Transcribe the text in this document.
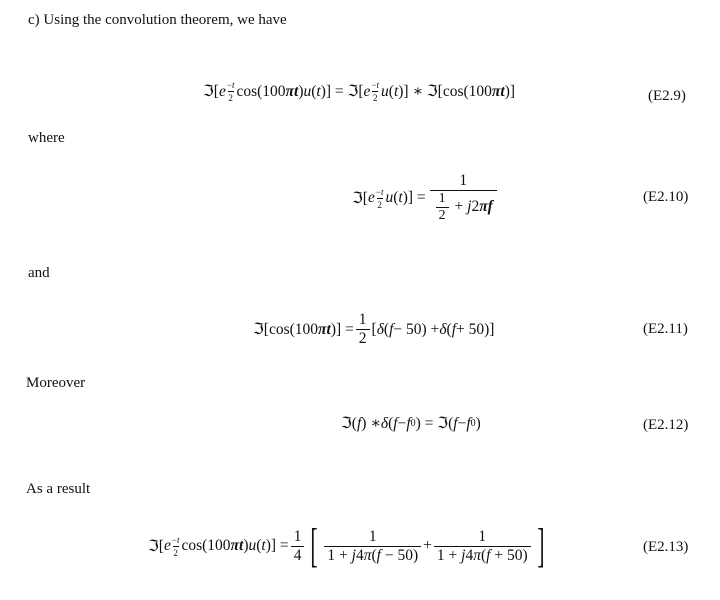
c) Using the convolution theorem, we have
ℑ[ e $\frac{-t}{2} \cos(100$ πt ) u ( t )] = ℑ[ e $\frac{-t}{2}$ u ( t )] ∗ ℑ[cos(100 πt )]	(E2.9)
where
ℑ[ e $\frac{-t}{2}$ u ( t )] = $\frac{1}{\frac{1}{2} + j2\pi f}$	(E2.10)
and
ℑ[cos(100 πt )] = $\frac{1}{2}$ [ δ ( f − 50) + δ ( f + 50)]	(E2.11)
Moreover
ℑ( f ) ∗ δ ( f − f 0 ) = ℑ( f − f 0 )	(E2.12)
As a result
ℑ[ e $\frac{-t}{2} \cos(100$ πt ) u ( t )] = $\frac{1}{4}$ [ $\frac{1}{1 + j4\pi(f - 50)} + \frac{1}{1 + j4\pi(f + 50)}$ ]	(E2.13)
